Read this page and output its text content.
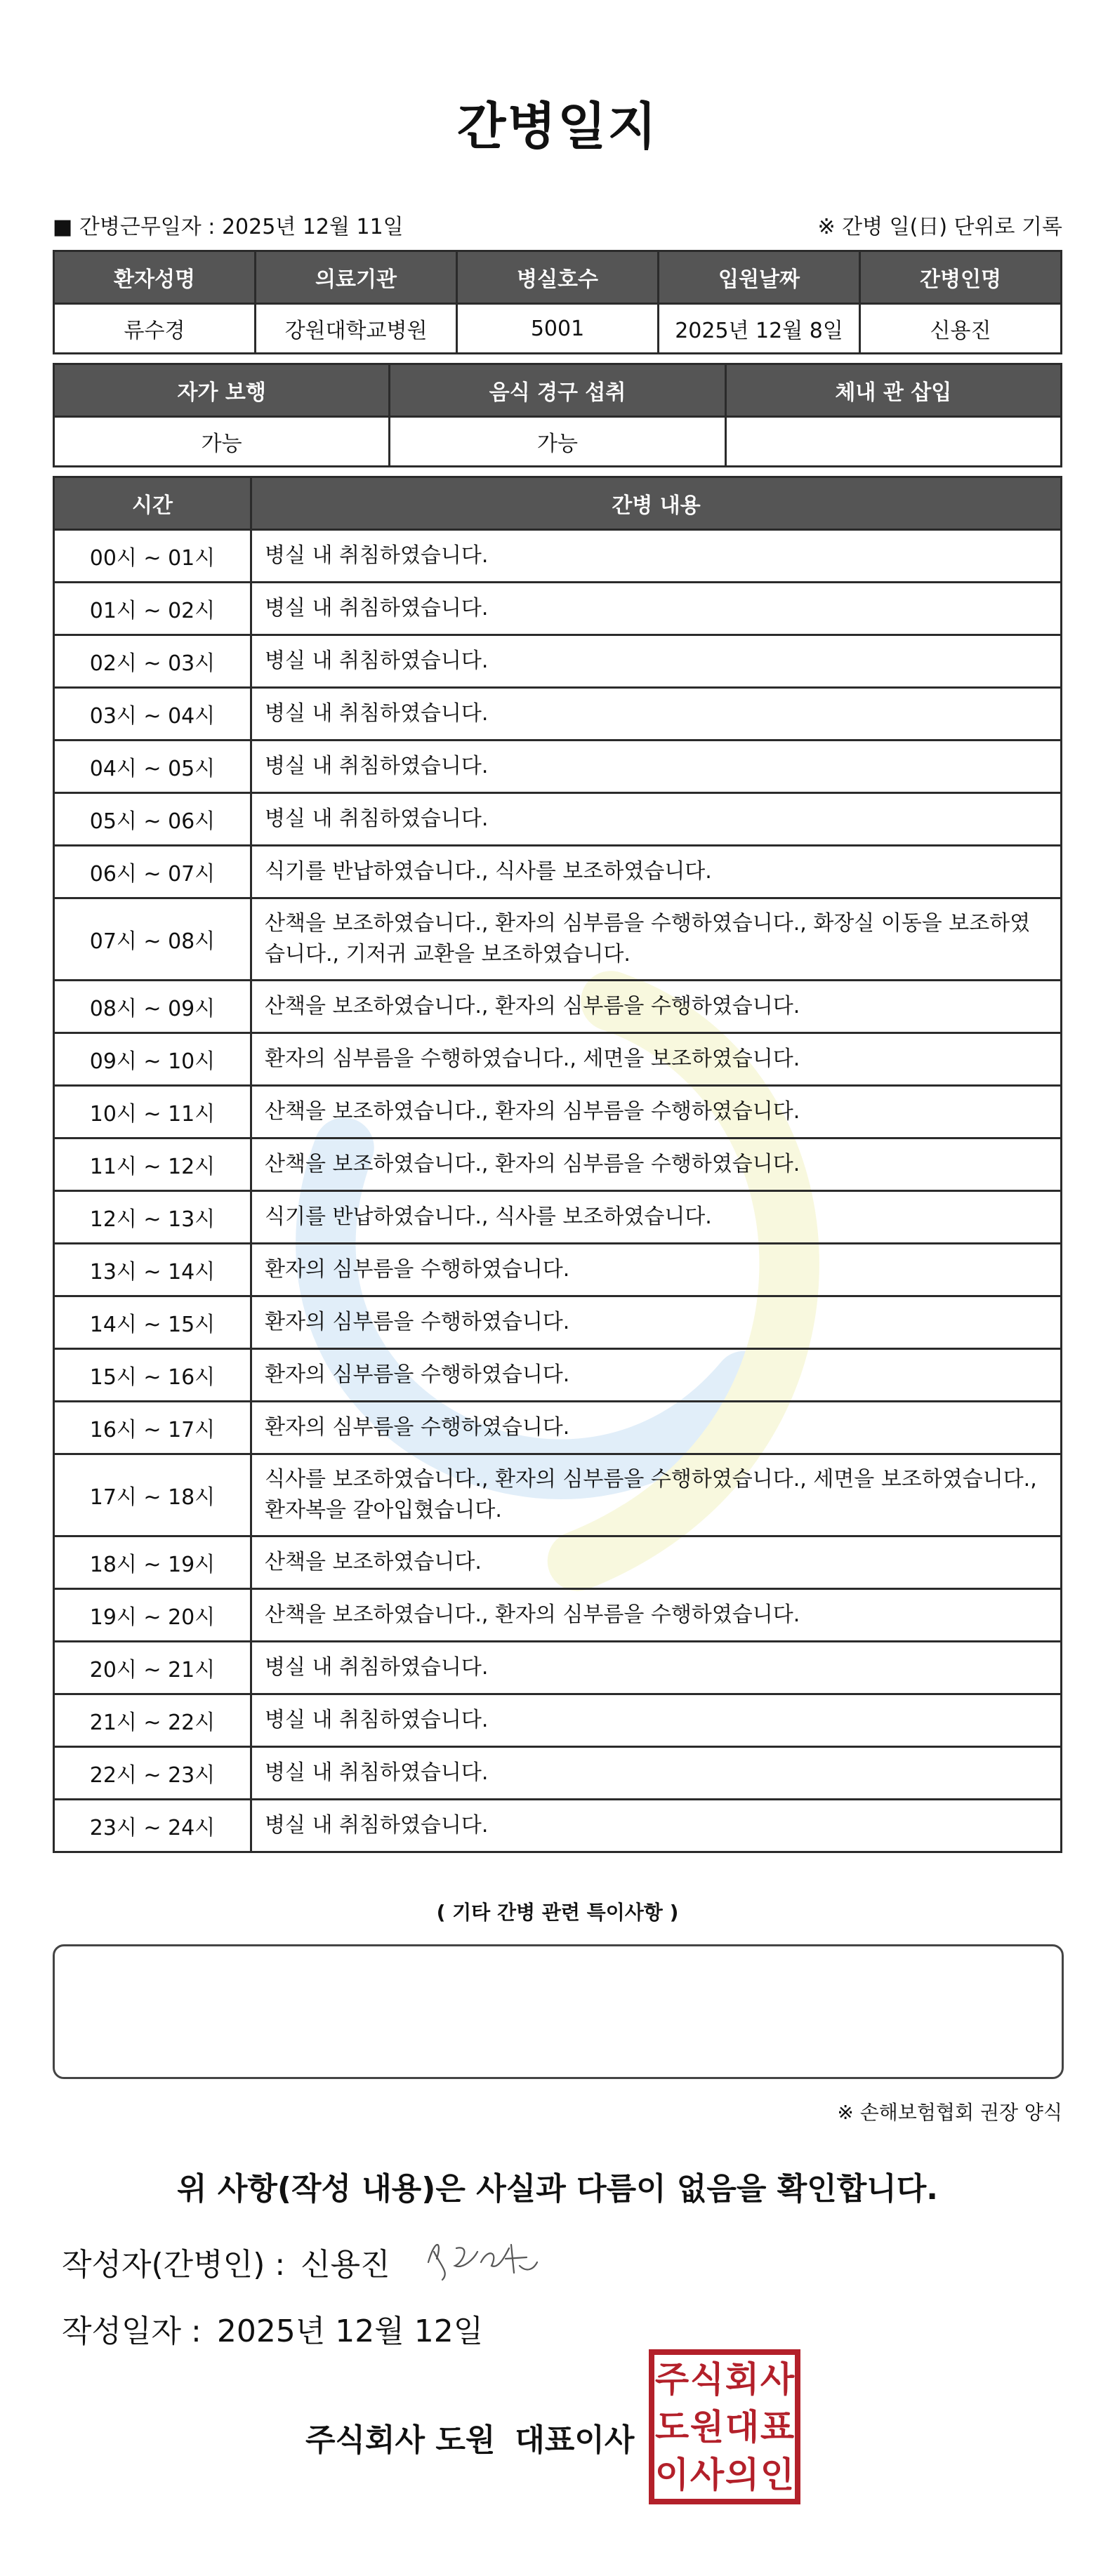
간병일지
■ 간병근무일자 : 2025년 12월 11일	※ 간병 일(日) 단위로 기록
환자성명	의료기관	병실호수	입원날짜	간병인명
류수경	강원대학교병원	5001	2025년 12월 8일	신용진
자가 보행	음식 경구 섭취	체내 관 삽입
가능	가능	
시간	간병 내용
00시 ~ 01시	병실 내 취침하였습니다.
01시 ~ 02시	병실 내 취침하였습니다.
02시 ~ 03시	병실 내 취침하였습니다.
03시 ~ 04시	병실 내 취침하였습니다.
04시 ~ 05시	병실 내 취침하였습니다.
05시 ~ 06시	병실 내 취침하였습니다.
06시 ~ 07시	식기를 반납하였습니다., 식사를 보조하였습니다.
07시 ~ 08시	산책을 보조하였습니다., 환자의 심부름을 수행하였습니다., 화장실 이동을 보조하였습니다., 기저귀 교환을 보조하였습니다.
08시 ~ 09시	산책을 보조하였습니다., 환자의 심부름을 수행하였습니다.
09시 ~ 10시	환자의 심부름을 수행하였습니다., 세면을 보조하였습니다.
10시 ~ 11시	산책을 보조하였습니다., 환자의 심부름을 수행하였습니다.
11시 ~ 12시	산책을 보조하였습니다., 환자의 심부름을 수행하였습니다.
12시 ~ 13시	식기를 반납하였습니다., 식사를 보조하였습니다.
13시 ~ 14시	환자의 심부름을 수행하였습니다.
14시 ~ 15시	환자의 심부름을 수행하였습니다.
15시 ~ 16시	환자의 심부름을 수행하였습니다.
16시 ~ 17시	환자의 심부름을 수행하였습니다.
17시 ~ 18시	식사를 보조하였습니다., 환자의 심부름을 수행하였습니다., 세면을 보조하였습니다., 환자복을 갈아입혔습니다.
18시 ~ 19시	산책을 보조하였습니다.
19시 ~ 20시	산책을 보조하였습니다., 환자의 심부름을 수행하였습니다.
20시 ~ 21시	병실 내 취침하였습니다.
21시 ~ 22시	병실 내 취침하였습니다.
22시 ~ 23시	병실 내 취침하였습니다.
23시 ~ 24시	병실 내 취침하였습니다.
( 기타 간병 관련 특이사항 )
※ 손해보험협회 권장 양식
위 사항(작성 내용)은 사실과 다름이 없음을 확인합니다.
작성자(간병인) : 신용진
작성일자 : 2025년 12월 12일
주식회사 도원 대표이사
주 식 회 사
도 원 대 표
이 사 의 인
